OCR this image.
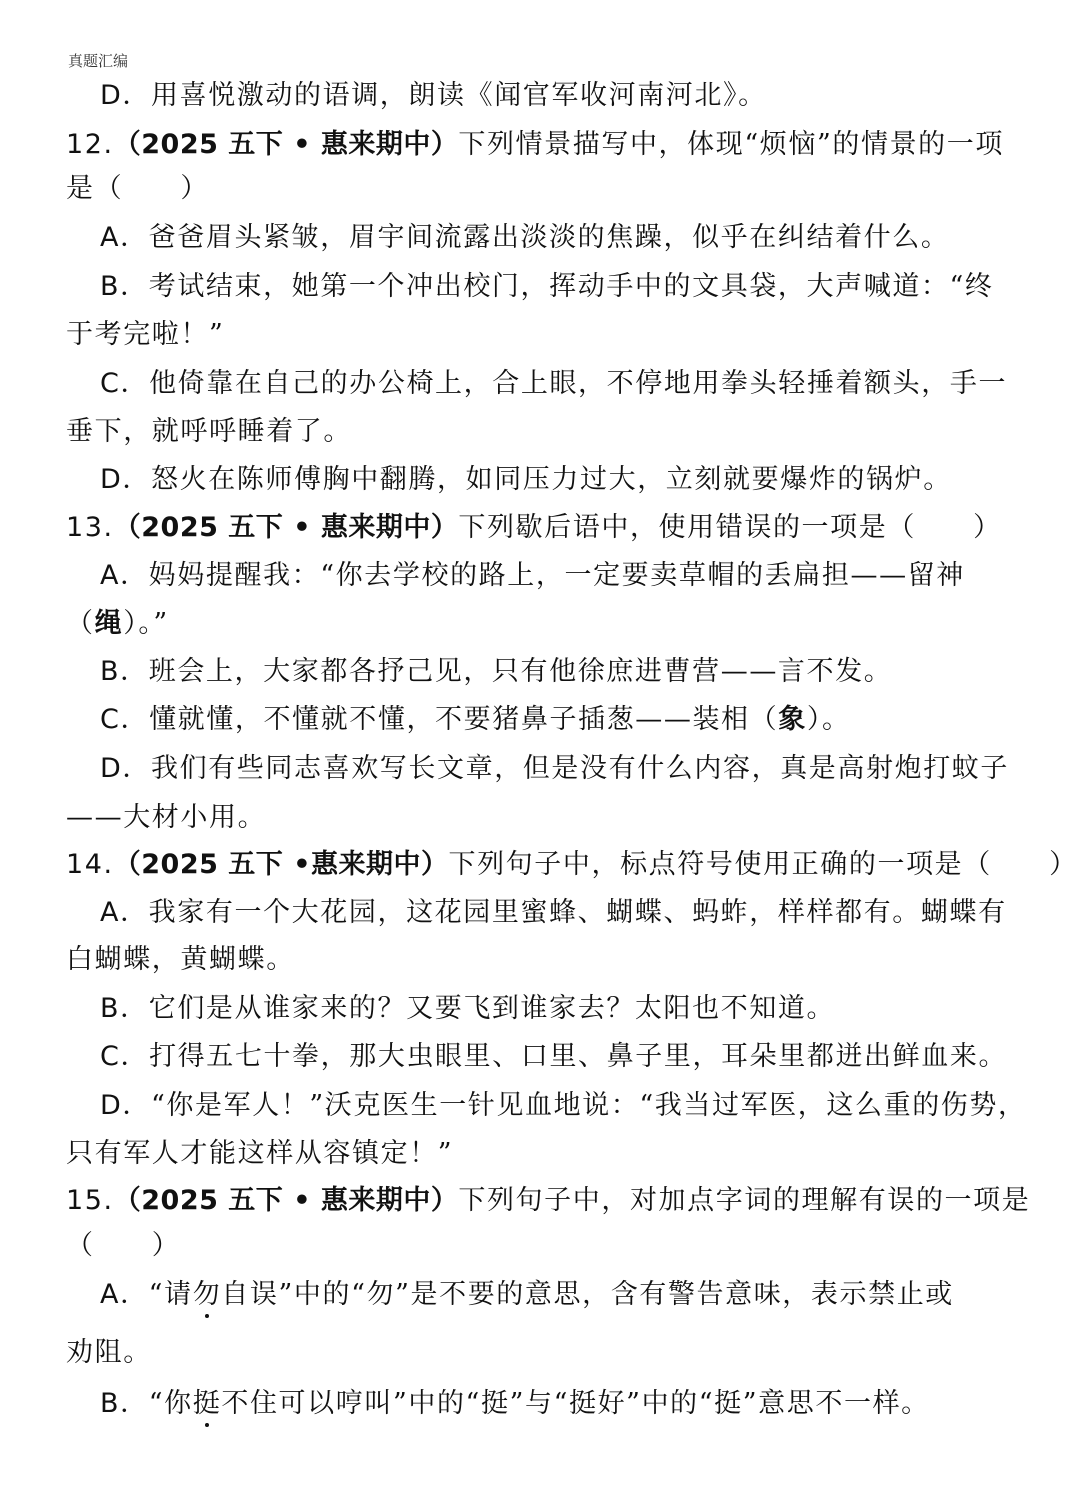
真题汇编
D．用喜悦激动的语调，朗读《闻官军收河南河北》。
12.（2025 五下 • 惠来期中）下列情景描写中，体现“烦恼”的情景的一项
是（　　）
A．爸爸眉头紧皱，眉宇间流露出淡淡的焦躁，似乎在纠结着什么。
B．考试结束，她第一个冲出校门，挥动手中的文具袋，大声喊道：“终
于考完啦！”
C．他倚靠在自己的办公椅上，合上眼，不停地用拳头轻捶着额头，手一
垂下，就呼呼睡着了。
D．怒火在陈师傅胸中翻腾，如同压力过大，立刻就要爆炸的锅炉。
13.（2025 五下 • 惠来期中）下列歇后语中，使用错误的一项是（　　）
A．妈妈提醒我：“你去学校的路上，一定要卖草帽的丢扁担——留神
（绳）。”
B．班会上，大家都各抒己见，只有他徐庶进曹营——言不发。
C．懂就懂，不懂就不懂，不要猪鼻子插葱——装相（象）。
D．我们有些同志喜欢写长文章，但是没有什么内容，真是高射炮打蚊子
——大材小用。
14.（2025 五下 •惠来期中）下列句子中，标点符号使用正确的一项是（　　）
A．我家有一个大花园，这花园里蜜蜂、蝴蝶、蚂蚱，样样都有。蝴蝶有
白蝴蝶，黄蝴蝶。
B．它们是从谁家来的？又要飞到谁家去？太阳也不知道。
C．打得五七十拳，那大虫眼里、口里、鼻子里，耳朵里都迸出鲜血来。
D．“你是军人！”沃克医生一针见血地说：“我当过军医，这么重的伤势，
只有军人才能这样从容镇定！”
15.（2025 五下 • 惠来期中）下列句子中，对加点字词的理解有误的一项是
（　　）
A．“请勿自误”中的“勿”是不要的意思，含有警告意味，表示禁止或
劝阻。
B．“你挺不住可以哼叫”中的“挺”与“挺好”中的“挺”意思不一样。
